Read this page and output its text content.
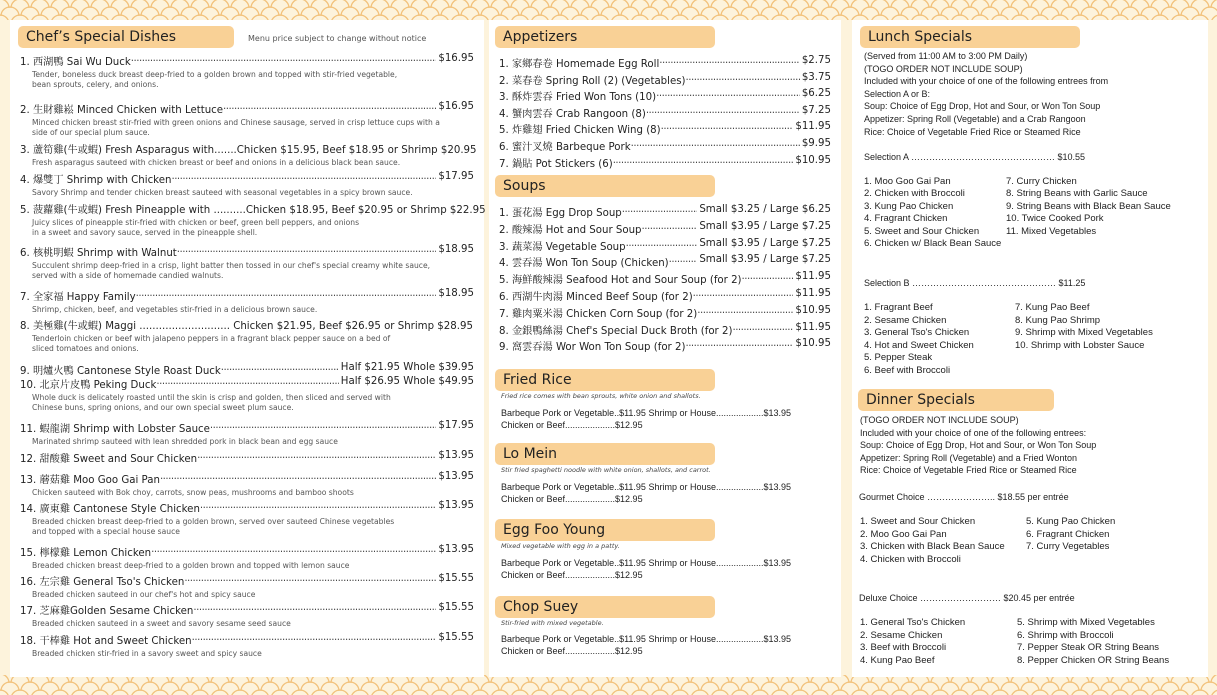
Chef’s Special Dishes	Menu price subject to change without notice
1. 西湖鴨 Sai Wu Duck .....	$16.95
Tender, boneless duck breast deep-fried to a golden brown and topped with stir-fried vegetable,
bean sprouts, celery, and onions.
2. 生財雞崧 Minced Chicken with Lettuce .....	$16.95
Minced chicken breast stir-fried with green onions and Chinese sausage, served in crisp lettuce cups with a
side of our special plum sauce.
3. 蘆筍雞(牛或蝦) Fresh Asparagus with.......Chicken $15.95, Beef $18.95 or Shrimp $20.95
Fresh asparagus sauteed with chicken breast or beef and onions in a delicious black bean sauce.
4. 爆雙丁 Shrimp with Chicken .....	$17.95
Savory Shrimp and tender chicken breast sauteed with seasonal vegetables in a spicy brown sauce.
5. 菠蘿雞(牛或蝦) Fresh Pineapple with ..........Chicken $18.95, Beef $20.95 or Shrimp $22.95
Juicy slices of pineapple stir-fried with chicken or beef, green bell peppers, and onions
in a sweet and savory sauce, served in the pineapple shell.
6. 核桃明蝦 Shrimp with Walnut .....	$18.95
Succulent shrimp deep-fried in a crisp, light batter then tossed in our chef's special creamy white sauce,
served with a side of homemade candied walnuts.
7. 全家福 Happy Family .....	$18.95
Shrimp, chicken, beef, and vegetables stir-fried in a delicious brown sauce.
8. 美極雞(牛或蝦) Maggi ............................ Chicken $21.95, Beef $26.95 or Shrimp $28.95
Tenderloin chicken or beef with jalapeno peppers in a fragrant black pepper sauce on a bed of
sliced tomatoes and onions.
9. 明爐火鴨 Cantonese Style Roast Duck .....	Half $21.95 Whole $39.95
10. 北京片皮鴨 Peking Duck .....	Half $26.95 Whole $49.95
Whole duck is delicately roasted until the skin is crisp and golden, then sliced and served with
Chinese buns, spring onions, and our own special sweet plum sauce.
11. 蝦龍湖 Shrimp with Lobster Sauce .....	$17.95
Marinated shrimp sauteed with lean shredded pork in black bean and egg sauce
12. 甜酸雞 Sweet and Sour Chicken .....	$13.95
13. 蘑菇雞 Moo Goo Gai Pan .....	$13.95
Chicken sauteed with Bok choy, carrots, snow peas, mushrooms and bamboo shoots
14. 廣東雞 Cantonese Style Chicken .....	$13.95
Breaded chicken breast deep-fried to a golden brown, served over sauteed Chinese vegetables
and topped with a special house sauce
15. 檸檬雞 Lemon Chicken .....	$13.95
Breaded chicken breast deep-fried to a golden brown and topped with lemon sauce
16. 左宗雞 General Tso's Chicken .....	$15.55
Breaded chicken sauteed in our chef's hot and spicy sauce
17. 芝麻雞Golden Sesame Chicken .....	$15.55
Breaded chicken sauteed in a sweet and savory sesame seed sauce
18. 干棒雞 Hot and Sweet Chicken .....	$15.55
Breaded chicken stir-fried in a savory sweet and spicy sauce
Appetizers
1. 家鄉春卷 Homemade Egg Roll .....	$2.75
2. 菜春卷 Spring Roll (2) (Vegetables) .....	$3.75
3. 酥炸雲吞 Fried Won Tons (10) .....	$6.25
4. 蟹肉雲吞 Crab Rangoon (8) .....	$7.25
5. 炸雞翅 Fried Chicken Wing (8) .....	$11.95
6. 蜜汁叉燒 Barbeque Pork .....	$9.95
7. 鍋貼 Pot Stickers (6) .....	$10.95
Soups
1. 蛋花湯 Egg Drop Soup .....	Small $3.25 / Large $6.25
2. 酸辣湯 Hot and Sour Soup .....	Small $3.95 / Large $7.25
3. 蔬菜湯 Vegetable Soup .....	Small $3.95 / Large $7.25
4. 雲吞湯 Won Ton Soup (Chicken) .....	Small $3.95 / Large $7.25
5. 海鮮酸辣湯 Seafood Hot and Sour Soup (for 2) .....	$11.95
6. 西湖牛肉湯 Minced Beef Soup (for 2) .....	$11.95
7. 雞肉粟米湯 Chicken Corn Soup (for 2) .....	$10.95
8. 金銀鴨絲湯 Chef's Special Duck Broth (for 2) .....	$11.95
9. 窩雲吞湯 Wor Won Ton Soup (for 2) .....	$10.95
Fried Rice
Fried rice comes with bean sprouts, white onion and shallots.
Barbeque Pork or Vegetable..$11.95 Shrimp or House...................$13.95
Chicken or Beef....................$12.95
Lo Mein
Stir fried spaghetti noodle with white onion, shallots, and carrot.
Barbeque Pork or Vegetable..$11.95 Shrimp or House...................$13.95
Chicken or Beef....................$12.95
Egg Foo Young
Mixed vegetable with egg in a patty.
Barbeque Pork or Vegetable..$11.95 Shrimp or House...................$13.95
Chicken or Beef....................$12.95
Chop Suey
Stir-fried with mixed vegetable.
Barbeque Pork or Vegetable..$11.95 Shrimp or House...................$13.95
Chicken or Beef....................$12.95
Lunch Specials
(Served from 11:00 AM to 3:00 PM Daily)
(TOGO ORDER NOT INCLUDE SOUP)
Included with your choice of one of the following entrees from
Selection A or B:
Soup: Choice of Egg Drop, Hot and Sour, or Won Ton Soup
Appetizer: Spring Roll (Vegetable) and a Crab Rangoon
Rice: Choice of Vegetable Fried Rice or Steamed Rice
Selection A ………………………………………… $10.55
1. Moo Goo Gai Pan
2. Chicken with Broccoli
3. Kung Pao Chicken
4. Fragrant Chicken
5. Sweet and Sour Chicken
6. Chicken w/ Black Bean Sauce
7. Curry Chicken
8. String Beans with Garlic Sauce
9. String Beans with Black Bean Sauce
10. Twice Cooked Pork
11. Mixed Vegetables
Selection B ………………………………………… $11.25
1. Fragrant Beef
2. Sesame Chicken
3. General Tso's Chicken
4. Hot and Sweet Chicken
5. Pepper Steak
6. Beef with Broccoli
7. Kung Pao Beef
8. Kung Pao Shrimp
9. Shrimp with Mixed Vegetables
10. Shrimp with Lobster Sauce
Dinner Specials
(TOGO ORDER NOT INCLUDE SOUP)
Included with your choice of one of the following entrees:
Soup: Choice of Egg Drop, Hot and Sour, or Won Ton Soup
Appetizer: Spring Roll (Vegetable) and a Fried Wonton
Rice: Choice of Vegetable Fried Rice or Steamed Rice
Gourmet Choice ………………….. $18.55 per entrée
1. Sweet and Sour Chicken
2. Moo Goo Gai Pan
3. Chicken with Black Bean Sauce
4. Chicken with Broccoli
5. Kung Pao Chicken
6. Fragrant Chicken
7. Curry Vegetables
Deluxe Choice ……………………… $20.45 per entrée
1. General Tso's Chicken
2. Sesame Chicken
3. Beef with Broccoli
4. Kung Pao Beef
5. Shrimp with Mixed Vegetables
6. Shrimp with Broccoli
7. Pepper Steak OR String Beans
8. Pepper Chicken OR String Beans
